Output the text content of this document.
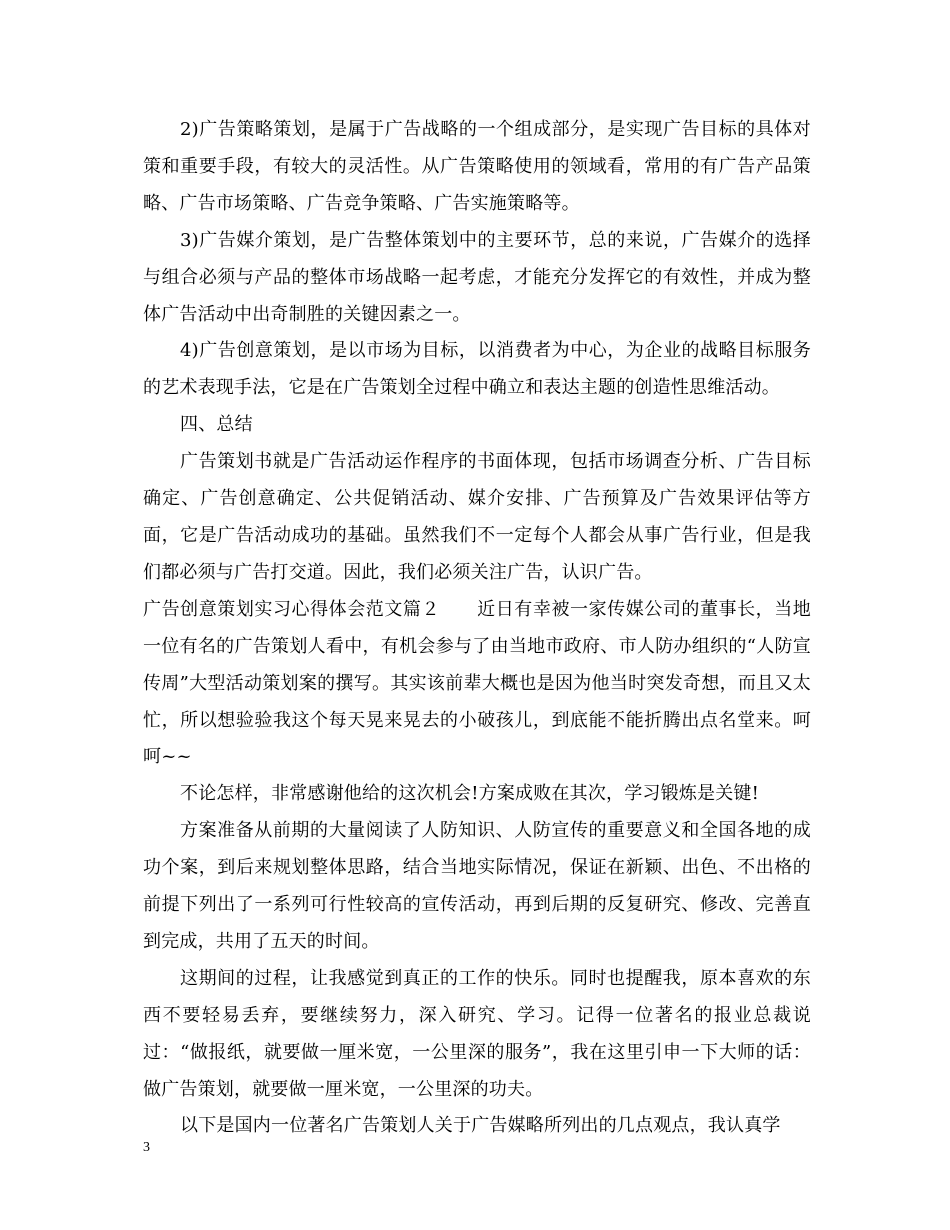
2)广告策略策划，是属于广告战略的一个组成部分，是实现广告目标的具体对策和重要手段，有较大的灵活性。从广告策略使用的领域看，常用的有广告产品策略、广告市场策略、广告竞争策略、广告实施策略等。

3)广告媒介策划，是广告整体策划中的主要环节，总的来说，广告媒介的选择与组合必须与产品的整体市场战略一起考虑，才能充分发挥它的有效性，并成为整体广告活动中出奇制胜的关键因素之一。

4)广告创意策划，是以市场为目标，以消费者为中心，为企业的战略目标服务的艺术表现手法，它是在广告策划全过程中确立和表达主题的创造性思维活动。

四、总结

广告策划书就是广告活动运作程序的书面体现，包括市场调查分析、广告目标确定、广告创意确定、公共促销活动、媒介安排、广告预算及广告效果评估等方面，它是广告活动成功的基础。虽然我们不一定每个人都会从事广告行业，但是我们都必须与广告打交道。因此，我们必须关注广告，认识广告。

广告创意策划实习心得体会范文篇２　　近日有幸被一家传媒公司的董事长，当地一位有名的广告策划人看中，有机会参与了由当地市政府、市人防办组织的“人防宣传周”大型活动策划案的撰写。其实该前辈大概也是因为他当时突发奇想，而且又太忙，所以想验验我这个每天晃来晃去的小破孩儿，到底能不能折腾出点名堂来。呵呵~~

不论怎样，非常感谢他给的这次机会!方案成败在其次，学习锻炼是关键!

方案准备从前期的大量阅读了人防知识、人防宣传的重要意义和全国各地的成功个案，到后来规划整体思路，结合当地实际情况，保证在新颖、出色、不出格的前提下列出了一系列可行性较高的宣传活动，再到后期的反复研究、修改、完善直到完成，共用了五天的时间。

这期间的过程，让我感觉到真正的工作的快乐。同时也提醒我，原本喜欢的东西不要轻易丢弃，要继续努力，深入研究、学习。记得一位著名的报业总裁说过：“做报纸，就要做一厘米宽，一公里深的服务”，我在这里引申一下大师的话：做广告策划，就要做一厘米宽，一公里深的功夫。

以下是国内一位著名广告策划人关于广告媒略所列出的几点观点，我认真学

3
